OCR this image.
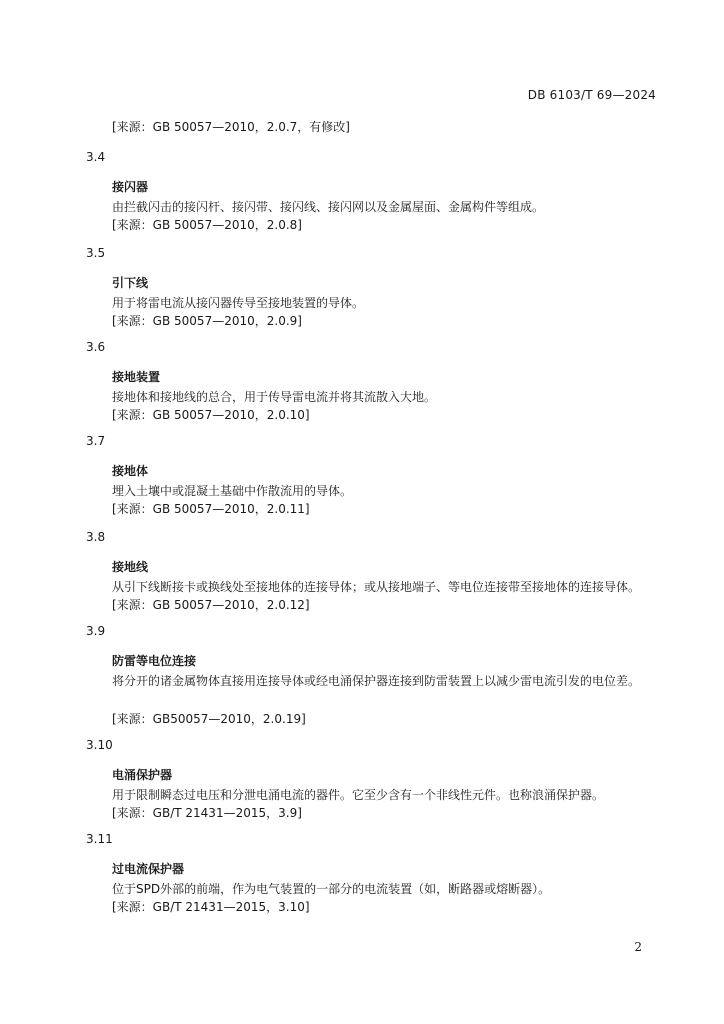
DB 6103/T 69—2024
[来源：GB 50057—2010，2.0.7，有修改]
3.4
接闪器
由拦截闪击的接闪杆、接闪带、接闪线、接闪网以及金属屋面、金属构件等组成。
[来源：GB 50057—2010，2.0.8]
3.5
引下线
用于将雷电流从接闪器传导至接地装置的导体。
[来源：GB 50057—2010，2.0.9]
3.6
接地装置
接地体和接地线的总合，用于传导雷电流并将其流散入大地。
[来源：GB 50057—2010，2.0.10]
3.7
接地体
埋入土壤中或混凝土基础中作散流用的导体。
[来源：GB 50057—2010，2.0.11]
3.8
接地线
从引下线断接卡或换线处至接地体的连接导体；或从接地端子、等电位连接带至接地体的连接导体。
[来源：GB 50057—2010，2.0.12]
3.9
防雷等电位连接
将分开的诸金属物体直接用连接导体或经电涌保护器连接到防雷装置上以减少雷电流引发的电位差。
[来源：GB50057—2010，2.0.19]
3.10
电涌保护器
用于限制瞬态过电压和分泄电涌电流的器件。它至少含有一个非线性元件。也称浪涌保护器。
[来源：GB/T 21431—2015，3.9]
3.11
过电流保护器
位于SPD外部的前端，作为电气装置的一部分的电流装置（如，断路器或熔断器）。
[来源：GB/T 21431—2015，3.10]
2
